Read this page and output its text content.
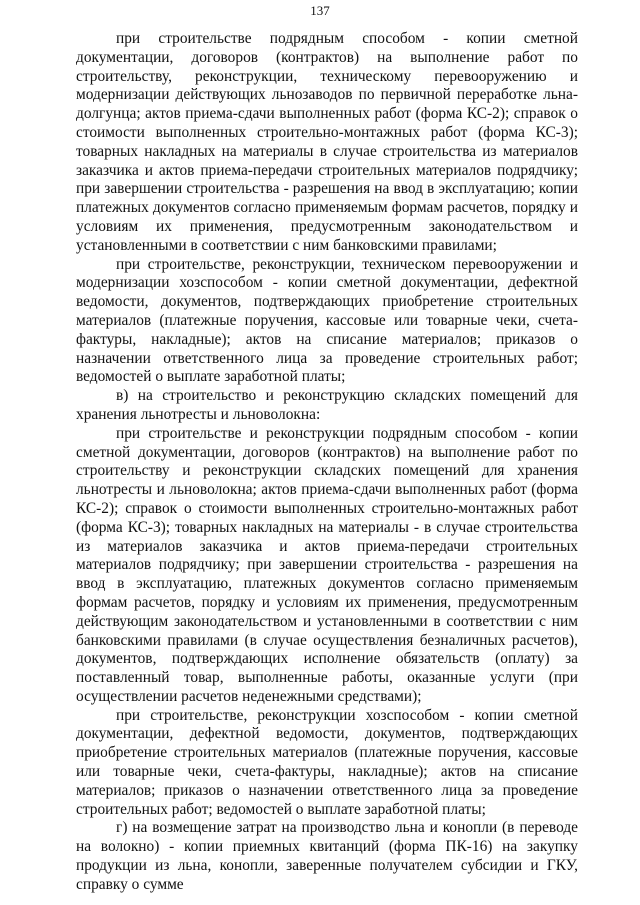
137

при строительстве подрядным способом - копии сметной документации, договоров (контрактов) на выполнение работ по строительству, реконструкции, техническому перевооружению и модернизации действующих льнозаводов по первичной переработке льна-долгунца; актов приема-сдачи выполненных работ (форма КС-2); справок о стоимости выполненных строительно-монтажных работ (форма КС-3); товарных накладных на материалы в случае строительства из материалов заказчика и актов приема-передачи строительных материалов подрядчику; при завершении строительства - разрешения на ввод в эксплуатацию; копии платежных документов согласно применяемым формам расчетов, порядку и условиям их применения, предусмотренным законодательством и установленными в соответствии с ним банковскими правилами;

при строительстве, реконструкции, техническом перевооружении и модернизации хозспособом - копии сметной документации, дефектной ведомости, документов, подтверждающих приобретение строительных материалов (платежные поручения, кассовые или товарные чеки, счета-фактуры, накладные); актов на списание материалов; приказов о назначении ответственного лица за проведение строительных работ; ведомостей о выплате заработной платы;

в) на строительство и реконструкцию складских помещений для хранения льнотресты и льноволокна:

при строительстве и реконструкции подрядным способом - копии сметной документации, договоров (контрактов) на выполнение работ по строительству и реконструкции складских помещений для хранения льнотресты и льноволокна; актов приема-сдачи выполненных работ (форма КС-2); справок о стоимости выполненных строительно-монтажных работ (форма КС-3); товарных накладных на материалы - в случае строительства из материалов заказчика и актов приема-передачи строительных материалов подрядчику; при завершении строительства - разрешения на ввод в эксплуатацию, платежных документов согласно применяемым формам расчетов, порядку и условиям их применения, предусмотренным действующим законодательством и установленными в соответствии с ним банковскими правилами (в случае осуществления безналичных расчетов), документов, подтверждающих исполнение обязательств (оплату) за поставленный товар, выполненные работы, оказанные услуги (при осуществлении расчетов неденежными средствами);

при строительстве, реконструкции хозспособом - копии сметной документации, дефектной ведомости, документов, подтверждающих приобретение строительных материалов (платежные поручения, кассовые или товарные чеки, счета-фактуры, накладные); актов на списание материалов; приказов о назначении ответственного лица за проведение строительных работ; ведомостей о выплате заработной платы;

г) на возмещение затрат на производство льна и конопли (в переводе на волокно) - копии приемных квитанций (форма ПК-16) на закупку продукции из льна, конопли, заверенные получателем субсидии и ГКУ, справку о сумме
